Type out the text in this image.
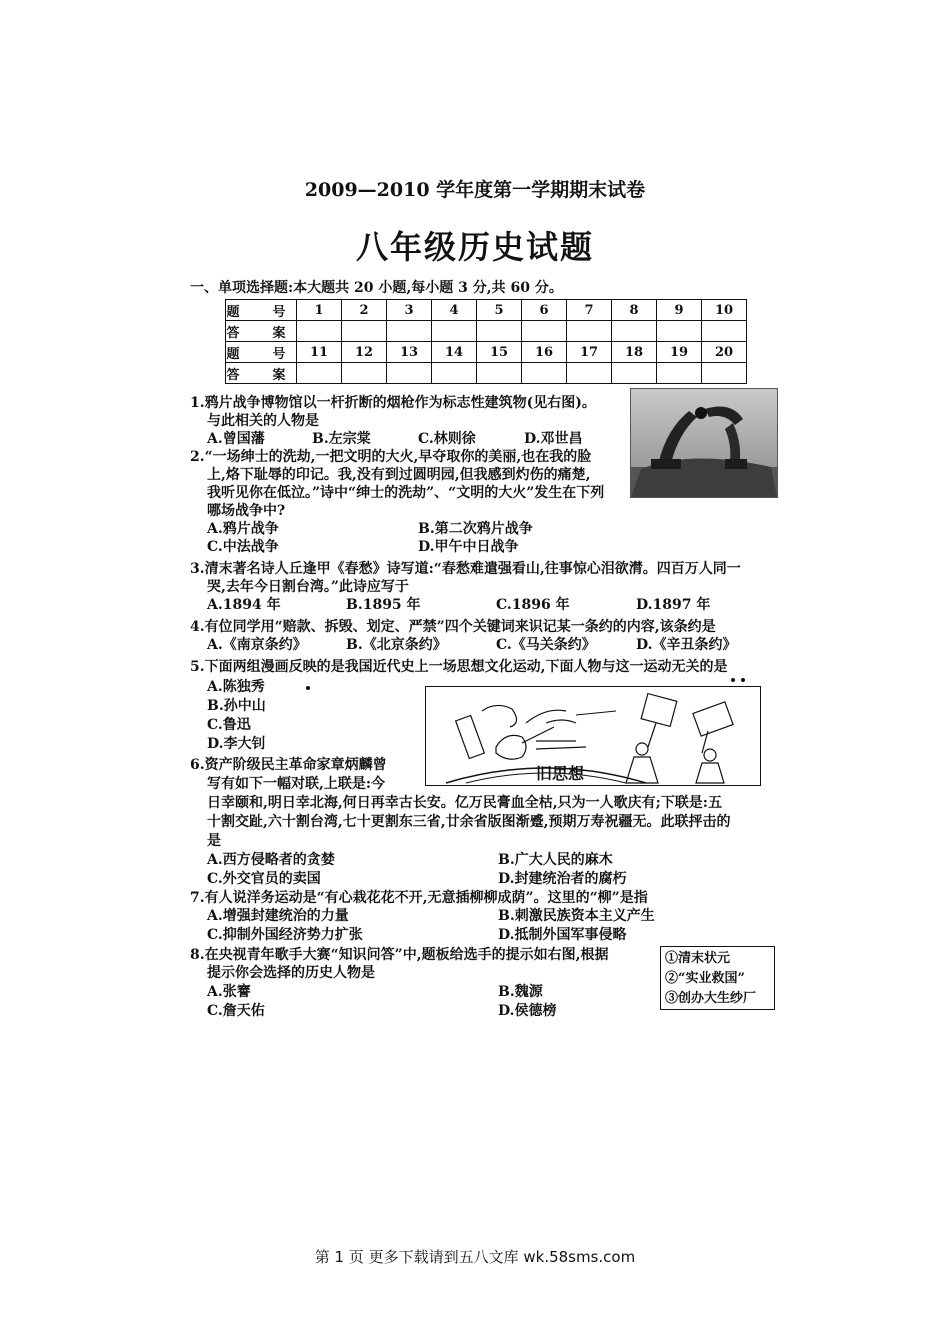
2009—2010 学年度第一学期期末试卷
八年级历史试题
一、单项选择题:本大题共 20 小题,每小题 3 分,共 60 分。
题　号	1	2	3	4	5	6	7	8	9	10
答　案										
题　号	11	12	13	14	15	16	17	18	19	20
答　案										
1.鸦片战争博物馆以一杆折断的烟枪作为标志性建筑物(见右图)。
与此相关的人物是
A.曾国藩	B.左宗棠	C.林则徐	D.邓世昌
2.“一场绅士的洗劫,一把文明的大火,早夺取你的美丽,也在我的脸
上,烙下耻辱的印记。我,没有到过圆明园,但我感到灼伤的痛楚,
我听见你在低泣。”诗中“绅士的洗劫”、“文明的大火”发生在下列
哪场战争中?
A.鸦片战争	B.第二次鸦片战争
C.中法战争	D.甲午中日战争
3.清末著名诗人丘逢甲《春愁》诗写道:“春愁难遣强看山,往事惊心泪欲潸。四百万人同一
哭,去年今日割台湾。”此诗应写于
A.1894 年	B.1895 年	C.1896 年	D.1897 年
4.有位同学用“赔款、拆毁、划定、严禁”四个关键词来识记某一条约的内容,该条约是
A.《南京条约》	B.《北京条约》	C.《马关条约》	D.《辛丑条约》
5.下面两组漫画反映的是我国近代史上一场思想文化运动,下面人物与这一运动无关的是
A.陈独秀
B.孙中山
C.鲁迅
D.李大钊
旧思想
6.资产阶级民主革命家章炳麟曾
写有如下一幅对联,上联是:今
日幸颐和,明日幸北海,何日再幸古长安。亿万民膏血全枯,只为一人歌庆有;下联是:五
十割交趾,六十割台湾,七十更割东三省,廿余省版图渐蹙,预期万寿祝疆无。此联抨击的
是
A.西方侵略者的贪婪	B.广大人民的麻木
C.外交官员的卖国	D.封建统治者的腐朽
7.有人说洋务运动是“有心栽花花不开,无意插柳柳成荫”。这里的“柳”是指
A.增强封建统治的力量	B.刺激民族资本主义产生
C.抑制外国经济势力扩张	D.抵制外国军事侵略
8.在央视青年歌手大赛“知识问答”中,题板给选手的提示如右图,根据
提示你会选择的历史人物是
A.张謇	B.魏源
C.詹天佑	D.侯德榜
①清末状元
②“实业救国”
③创办大生纱厂
第 1 页 更多下载请到五八文库 wk.58sms.com
